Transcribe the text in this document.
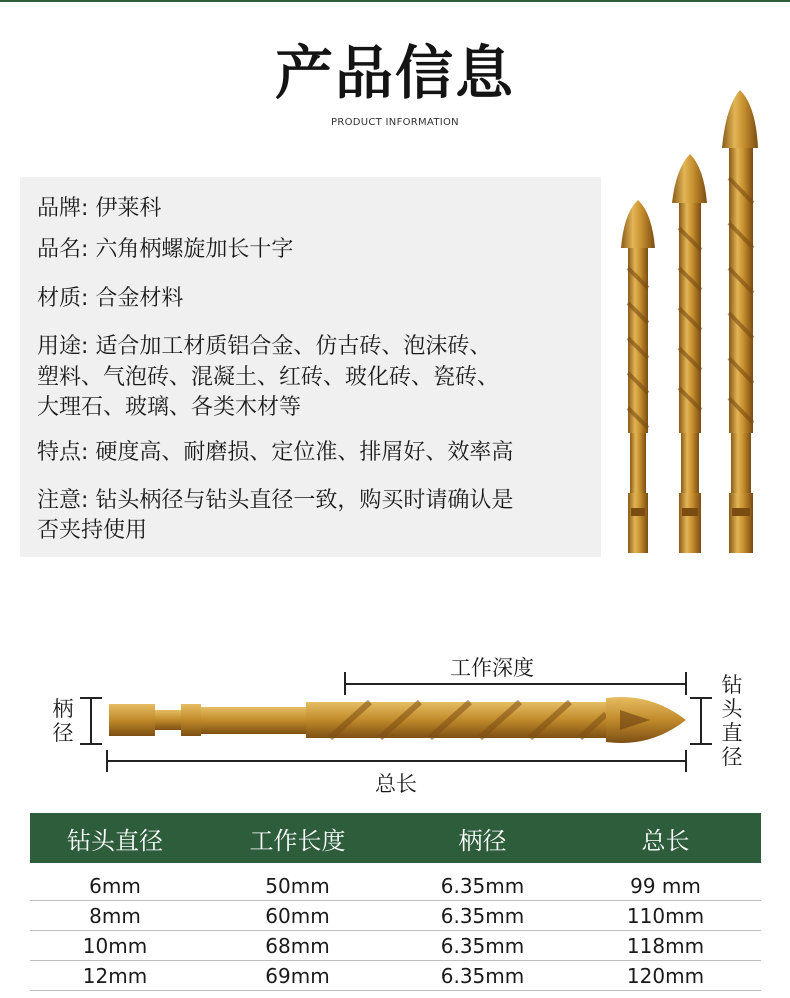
产品信息
PRODUCT INFORMATION
品牌: 伊莱科
品名: 六角柄螺旋加长十字
材质: 合金材料
用途: 适合加工材质铝合金、仿古砖、泡沫砖、
塑料、气泡砖、混凝土、红砖、玻化砖、瓷砖、
大理石、玻璃、各类木材等
特点: 硬度高、耐磨损、定位准、排屑好、效率高
注意: 钻头柄径与钻头直径一致，购买时请确认是
否夹持使用
工作深度
柄径
钻头直径
总长
钻头直径	工作长度	柄径	总长
6mm	50mm	6.35mm	99 mm
8mm	60mm	6.35mm	110mm
10mm	68mm	6.35mm	118mm
12mm	69mm	6.35mm	120mm
